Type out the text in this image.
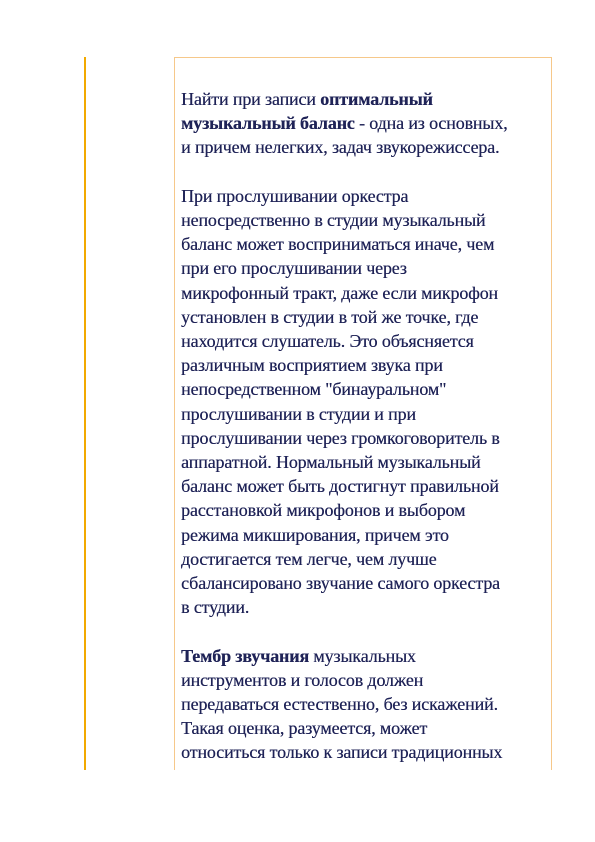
Найти при записи оптимальный
музыкальный баланс - одна из основных,
и причем нелегких, задач звукорежиссера.
При прослушивании оркестра
непосредственно в студии музыкальный
баланс может восприниматься иначе, чем
при его прослушивании через
микрофонный тракт, даже если микрофон
установлен в студии в той же точке, где
находится слушатель. Это объясняется
различным восприятием звука при
непосредственном "бинауральном"
прослушивании в студии и при
прослушивании через громкоговоритель в
аппаратной. Нормальный музыкальный
баланс может быть достигнут правильной
расстановкой микрофонов и выбором
режима микширования, причем это
достигается тем легче, чем лучше
сбалансировано звучание самого оркестра
в студии.
Тембр звучания музыкальных
инструментов и голосов должен
передаваться естественно, без искажений.
Такая оценка, разумеется, может
относиться только к записи традиционных
